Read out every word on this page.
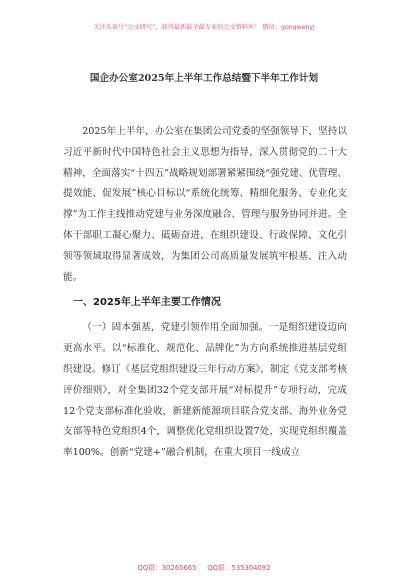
关注头条号“公文研究”，获得最新最全最专业的公文资料库！ 微信：gongwenyj
国企办公室2025年上半年工作总结暨下半年工作计划

2025年上半年，办公室在集团公司党委的坚强领导下，坚持以习近平新时代中国特色社会主义思想为指导，深入贯彻党的二十大精神，全面落实“十四五”战略规划部署紧紧围绕“强党建、优管理、提效能、促发展”核心目标以“系统化统筹、精细化服务、专业化支撑”为工作主线推动党建与业务深度融合、管理与服务协同并进。全体干部职工凝心聚力、砥砺奋进，在组织建设、行政保障、文化引领等领域取得显著成效，为集团公司高质量发展筑牢根基、注入动能。

一、2025年上半年主要工作情况

（一）固本强基，党建引领作用全面加强。一是组织建设迈向更高水平。以“标准化、规范化、品牌化”为方向系统推进基层党组织建设。修订《基层党组织建设三年行动方案》，制定《党支部考核评价细则》，对全集团32个党支部开展“对标提升”专项行动，完成12个党支部标准化验收，新建新能源项目联合党支部、海外业务党支部等特色党组织4个，调整优化党组织设置7处，实现党组织覆盖率100%。创新“党建+”融合机制，在重大项目一线成立

QQ群：30265665     QQ群：535304092
